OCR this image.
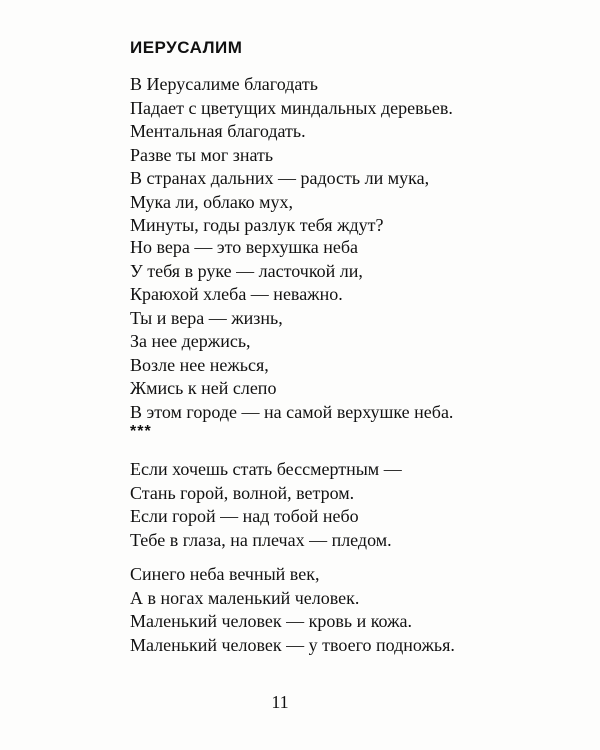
ИЕРУСАЛИМ
В Иерусалиме благодать
Падает с цветущих миндальных деревьев.
Ментальная благодать.
Разве ты мог знать
В странах дальних — радость ли мука,
Мука ли, облако мух,
Минуты, годы разлук тебя ждут?
Но вера — это верхушка неба
У тебя в руке — ласточкой ли,
Краюхой хлеба — неважно.
Ты и вера — жизнь,
За нее держись,
Возле нее нежься,
Жмись к ней слепо
В этом городе — на самой верхушке неба.
***
Если хочешь стать бессмертным —
Стань горой, волной, ветром.
Если горой — над тобой небо
Тебе в глаза, на плечах — пледом.
Синего неба вечный век,
А в ногах маленький человек.
Маленький человек — кровь и кожа.
Маленький человек — у твоего подножья.
11
